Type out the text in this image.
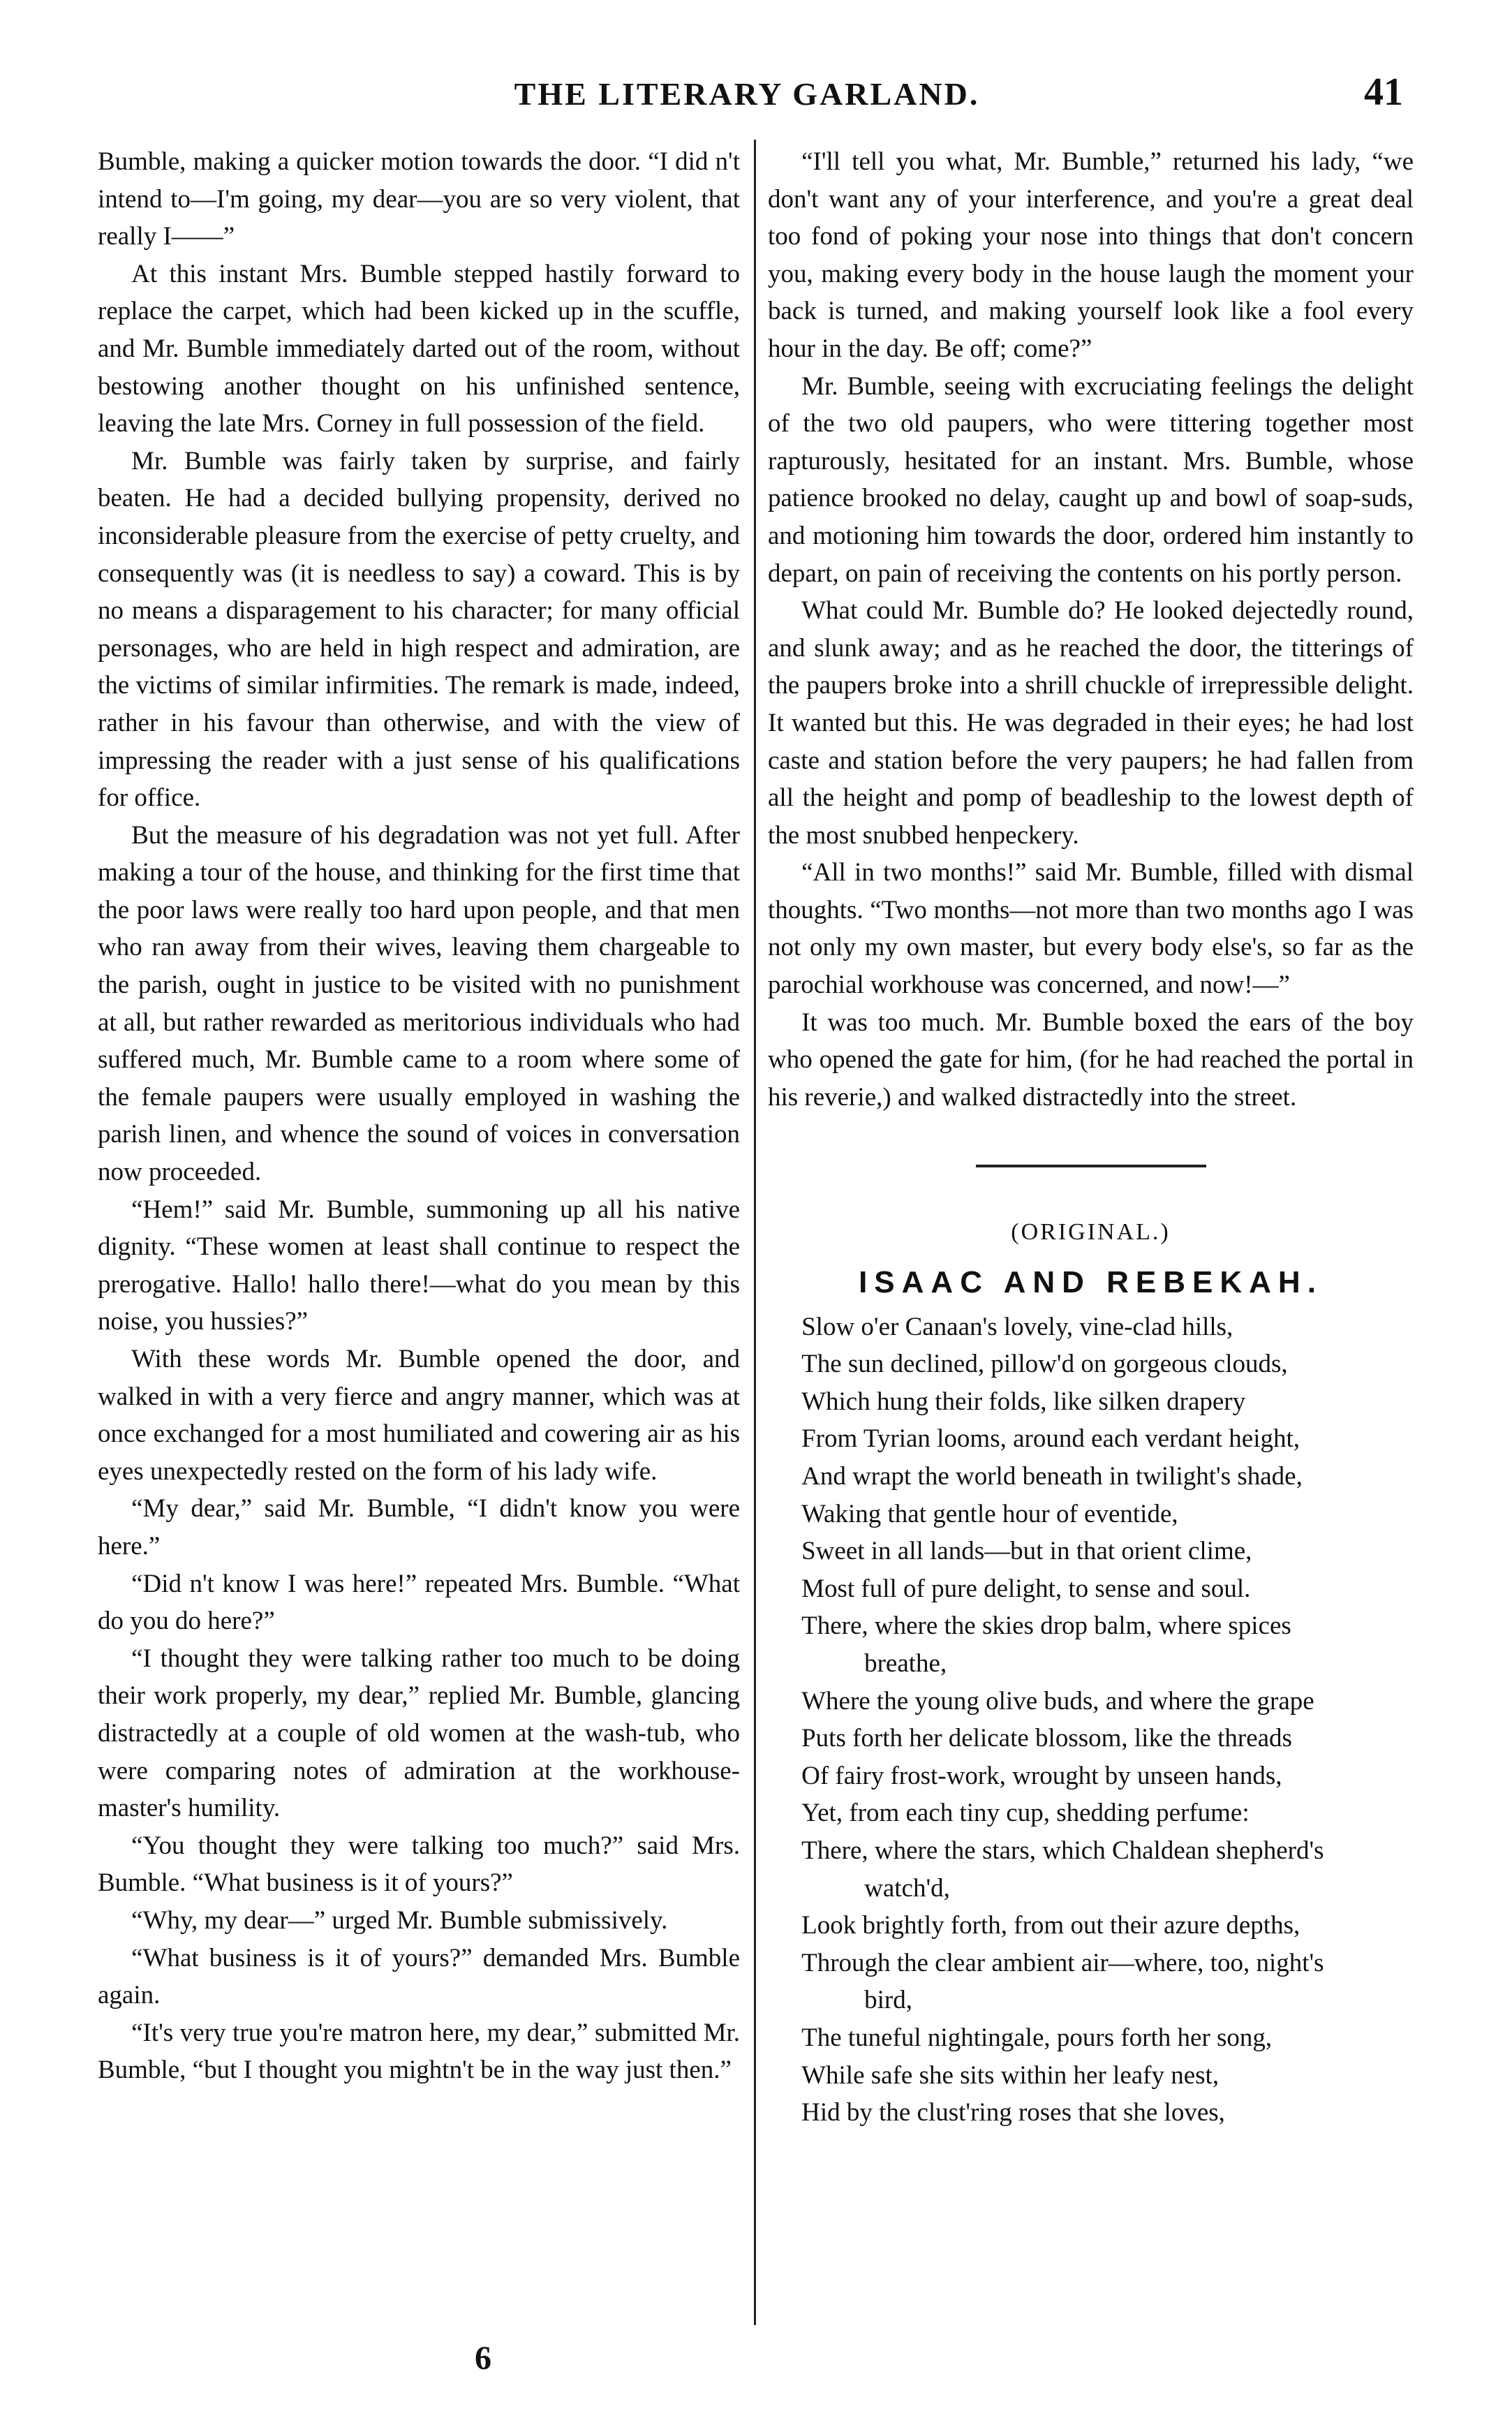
THE LITERARY GARLAND.	41

Bumble, making a quicker motion towards the door. “I did n't intend to—I'm going, my dear—you are so very violent, that really I——”

At this instant Mrs. Bumble stepped hastily forward to replace the carpet, which had been kicked up in the scuffle, and Mr. Bumble immediately darted out of the room, without bestowing another thought on his unfinished sentence, leaving the late Mrs. Corney in full possession of the field.

Mr. Bumble was fairly taken by surprise, and fairly beaten. He had a decided bullying propensity, derived no inconsiderable pleasure from the exercise of petty cruelty, and consequently was (it is needless to say) a coward. This is by no means a disparagement to his character; for many official personages, who are held in high respect and admiration, are the victims of similar infirmities. The remark is made, indeed, rather in his favour than otherwise, and with the view of impressing the reader with a just sense of his qualifications for office.

But the measure of his degradation was not yet full. After making a tour of the house, and thinking for the first time that the poor laws were really too hard upon people, and that men who ran away from their wives, leaving them chargeable to the parish, ought in justice to be visited with no punishment at all, but rather rewarded as meritorious individuals who had suffered much, Mr. Bumble came to a room where some of the female paupers were usually employed in washing the parish linen, and whence the sound of voices in conversation now proceeded.

“Hem!” said Mr. Bumble, summoning up all his native dignity. “These women at least shall continue to respect the prerogative. Hallo! hallo there!—what do you mean by this noise, you hussies?”

With these words Mr. Bumble opened the door, and walked in with a very fierce and angry manner, which was at once exchanged for a most humiliated and cowering air as his eyes unexpectedly rested on the form of his lady wife.

“My dear,” said Mr. Bumble, “I didn't know you were here.”

“Did n't know I was here!” repeated Mrs. Bumble. “What do you do here?”

“I thought they were talking rather too much to be doing their work properly, my dear,” replied Mr. Bumble, glancing distractedly at a couple of old women at the wash-tub, who were comparing notes of admiration at the workhouse-master's humility.

“You thought they were talking too much?” said Mrs. Bumble. “What business is it of yours?”

“Why, my dear—” urged Mr. Bumble submissively.

“What business is it of yours?” demanded Mrs. Bumble again.

“It's very true you're matron here, my dear,” submitted Mr. Bumble, “but I thought you mightn't be in the way just then.”

“I'll tell you what, Mr. Bumble,” returned his lady, “we don't want any of your interference, and you're a great deal too fond of poking your nose into things that don't concern you, making every body in the house laugh the moment your back is turned, and making yourself look like a fool every hour in the day. Be off; come?”

Mr. Bumble, seeing with excruciating feelings the delight of the two old paupers, who were tittering together most rapturously, hesitated for an instant. Mrs. Bumble, whose patience brooked no delay, caught up and bowl of soap-suds, and motioning him towards the door, ordered him instantly to depart, on pain of receiving the contents on his portly person.

What could Mr. Bumble do? He looked dejectedly round, and slunk away; and as he reached the door, the titterings of the paupers broke into a shrill chuckle of irrepressible delight. It wanted but this. He was degraded in their eyes; he had lost caste and station before the very paupers; he had fallen from all the height and pomp of beadleship to the lowest depth of the most snubbed henpeckery.

“All in two months!” said Mr. Bumble, filled with dismal thoughts. “Two months—not more than two months ago I was not only my own master, but every body else's, so far as the parochial workhouse was concerned, and now!—”

It was too much. Mr. Bumble boxed the ears of the boy who opened the gate for him, (for he had reached the portal in his reverie,) and walked distractedly into the street.

(ORIGINAL.)
ISAAC AND REBEKAH.

Slow o'er Canaan's lovely, vine-clad hills,

The sun declined, pillow'd on gorgeous clouds,

Which hung their folds, like silken drapery

From Tyrian looms, around each verdant height,

And wrapt the world beneath in twilight's shade,

Waking that gentle hour of eventide,

Sweet in all lands—but in that orient clime,

Most full of pure delight, to sense and soul.

There, where the skies drop balm, where spices

breathe,

Where the young olive buds, and where the grape

Puts forth her delicate blossom, like the threads

Of fairy frost-work, wrought by unseen hands,

Yet, from each tiny cup, shedding perfume:

There, where the stars, which Chaldean shepherd's

watch'd,

Look brightly forth, from out their azure depths,

Through the clear ambient air—where, too, night's

bird,

The tuneful nightingale, pours forth her song,

While safe she sits within her leafy nest,

Hid by the clust'ring roses that she loves,

6
